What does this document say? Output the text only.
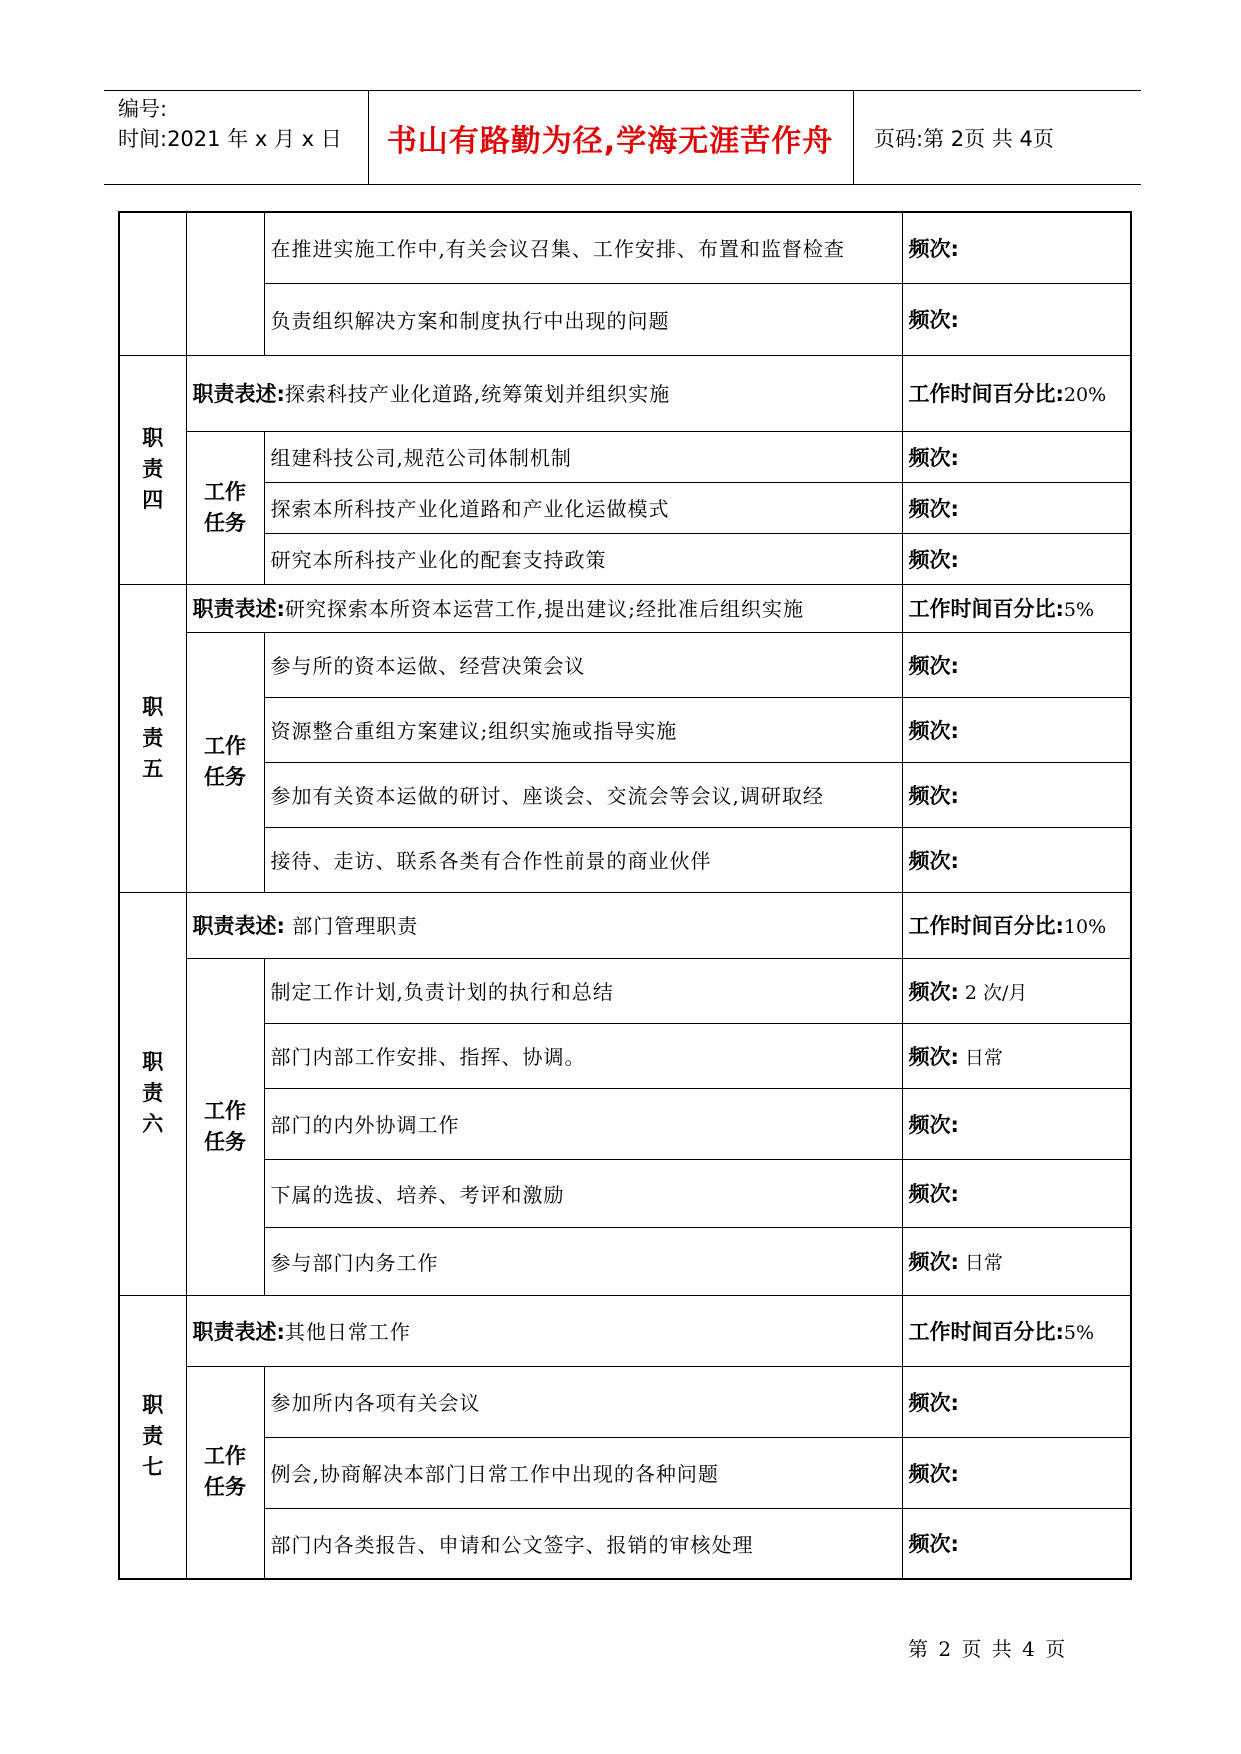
编号:
时间:2021 年 x 月 x 日	书山有路勤为径,学海无涯苦作舟	页码:第 2页 共 4页
		在推进实施工作中,有关会议召集、工作安排、布置和监督检查	频次:
		负责组织解决方案和制度执行中出现的问题	频次:
职
责
四	职责表述:探索科技产业化道路,统筹策划并组织实施		工作时间百分比:20%
	工作
任务	组建科技公司,规范公司体制机制	频次:
		探索本所科技产业化道路和产业化运做模式	频次:
		研究本所科技产业化的配套支持政策	频次:
职
责
五	职责表述:研究探索本所资本运营工作,提出建议;经批准后组织实施		工作时间百分比:5%
	工作
任务	参与所的资本运做、经营决策会议	频次:
		资源整合重组方案建议;组织实施或指导实施	频次:
		参加有关资本运做的研讨、座谈会、交流会等会议,调研取经	频次:
		接待、走访、联系各类有合作性前景的商业伙伴	频次:
职
责
六	职责表述: 部门管理职责		工作时间百分比:10%
	工作
任务	制定工作计划,负责计划的执行和总结	频次: 2 次/月
		部门内部工作安排、指挥、协调。	频次: 日常
		部门的内外协调工作	频次:
		下属的选拔、培养、考评和激励	频次:
		参与部门内务工作	频次: 日常
职
责
七	职责表述:其他日常工作		工作时间百分比:5%
	工作
任务	参加所内各项有关会议	频次:
		例会,协商解决本部门日常工作中出现的各种问题	频次:
		部门内各类报告、申请和公文签字、报销的审核处理	频次:
第 2 页 共 4 页
